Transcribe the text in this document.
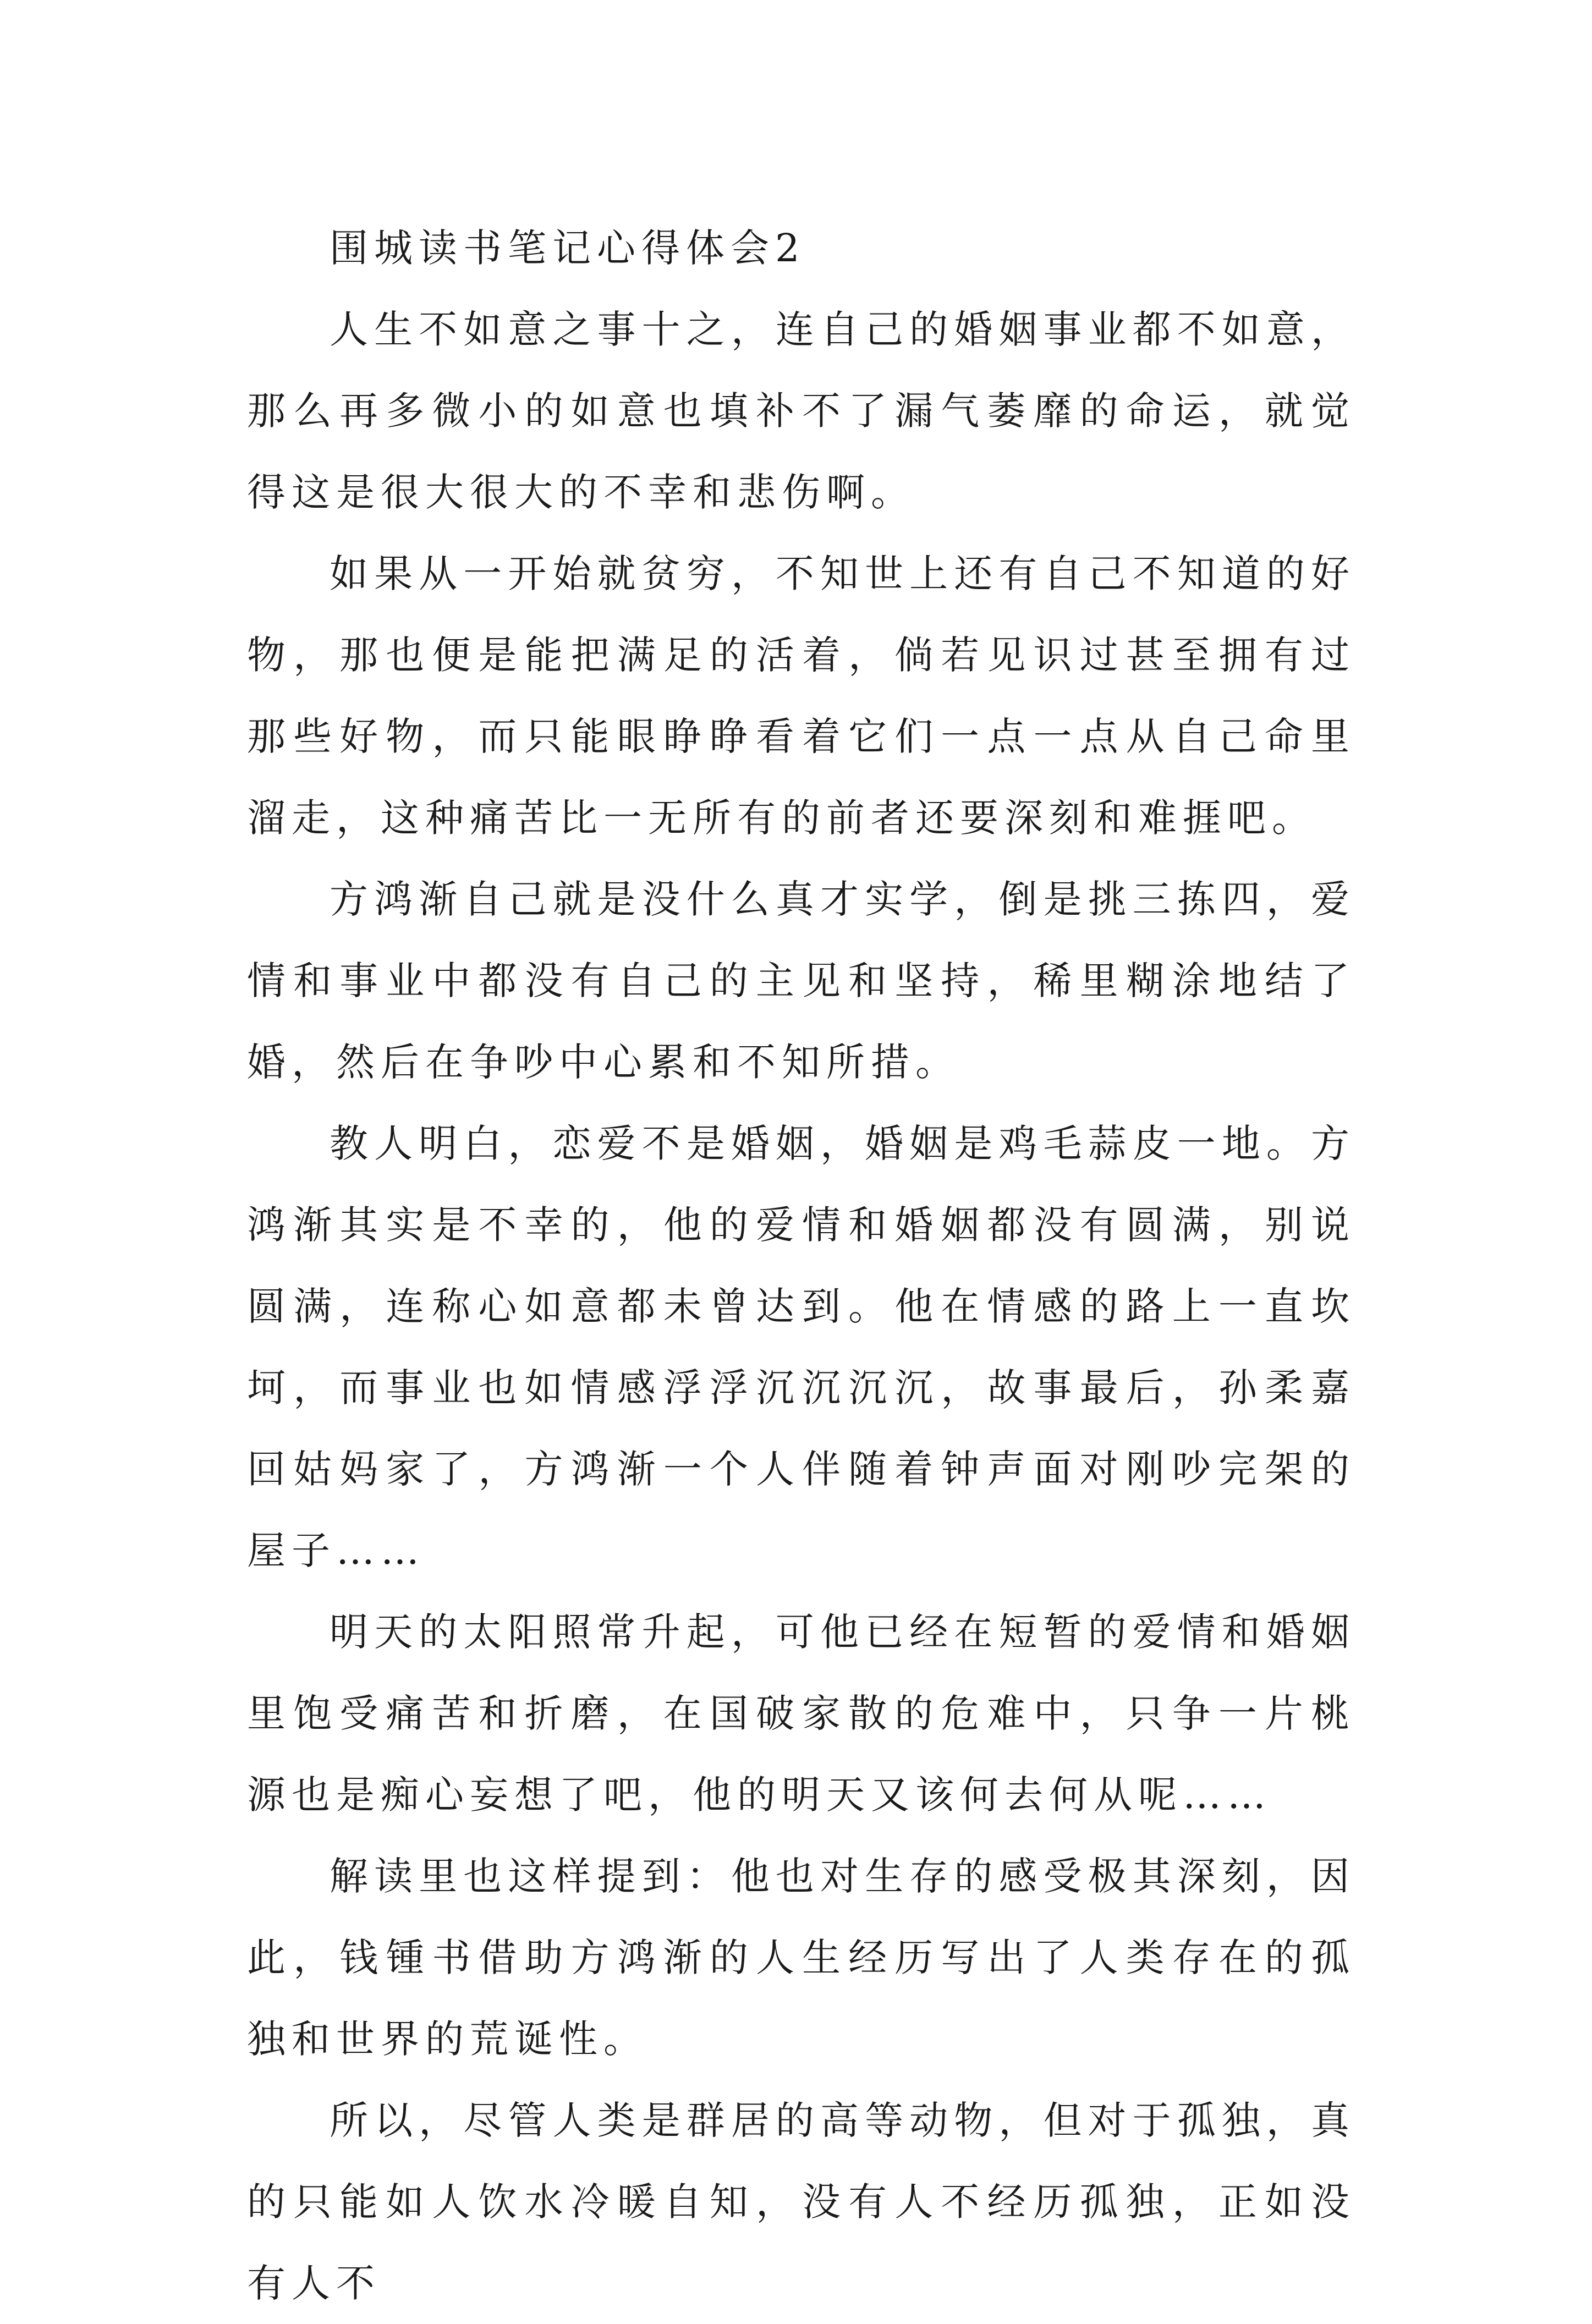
围城读书笔记心得体会2

人生不如意之事十之，连自己的婚姻事业都不如意，那么再多微小的如意也填补不了漏气萎靡的命运，就觉得这是很大很大的不幸和悲伤啊。

如果从一开始就贫穷，不知世上还有自己不知道的好物，那也便是能把满足的活着，倘若见识过甚至拥有过那些好物，而只能眼睁睁看着它们一点一点从自己命里溜走，这种痛苦比一无所有的前者还要深刻和难捱吧。

方鸿渐自己就是没什么真才实学，倒是挑三拣四，爱情和事业中都没有自己的主见和坚持，稀里糊涂地结了婚，然后在争吵中心累和不知所措。

教人明白，恋爱不是婚姻，婚姻是鸡毛蒜皮一地。方鸿渐其实是不幸的，他的爱情和婚姻都没有圆满，别说圆满，连称心如意都未曾达到。他在情感的路上一直坎坷，而事业也如情感浮浮沉沉沉沉，故事最后，孙柔嘉回姑妈家了，方鸿渐一个人伴随着钟声面对刚吵完架的屋子……

明天的太阳照常升起，可他已经在短暂的爱情和婚姻里饱受痛苦和折磨，在国破家散的危难中，只争一片桃源也是痴心妄想了吧，他的明天又该何去何从呢……

解读里也这样提到：他也对生存的感受极其深刻，因此，钱锺书借助方鸿渐的人生经历写出了人类存在的孤独和世界的荒诞性。

所以，尽管人类是群居的高等动物，但对于孤独，真的只能如人饮水冷暖自知，没有人不经历孤独，正如没有人不
